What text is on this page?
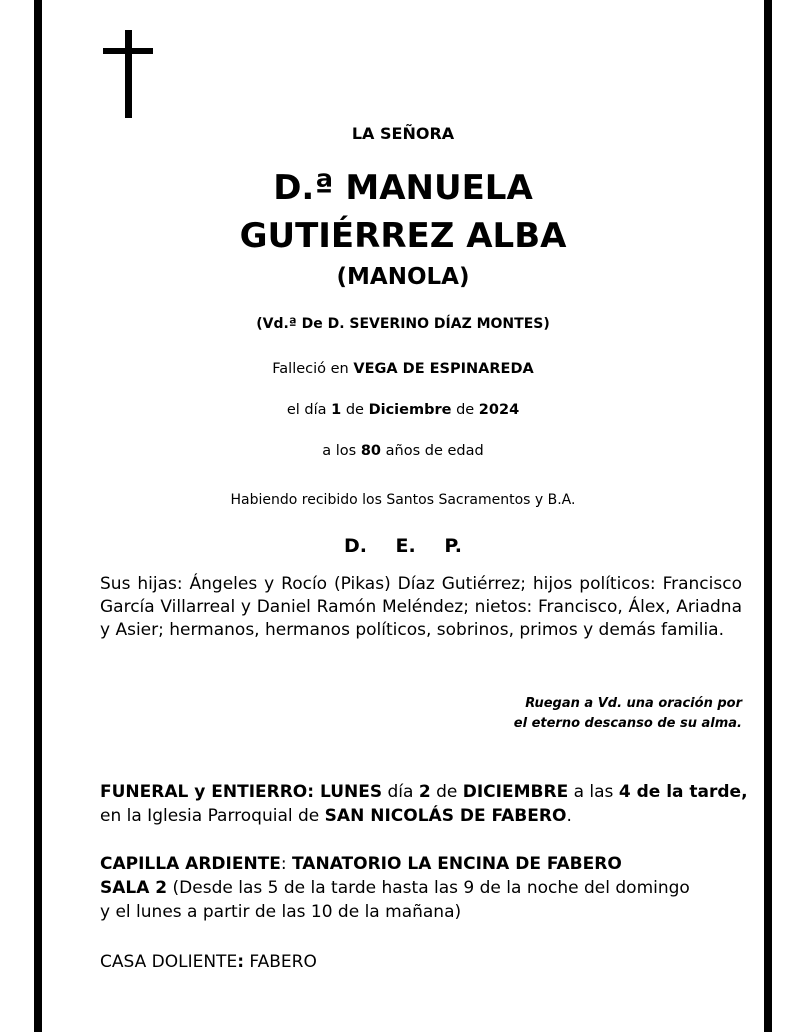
LA SEÑORA
D.ª MANUELA
GUTIÉRREZ ALBA
(MANOLA)
(Vd.ª De D. SEVERINO DÍAZ MONTES)
Falleció en VEGA DE ESPINAREDA
el día 1 de Diciembre de 2024
a los 80 años de edad
Habiendo recibido los Santos Sacramentos y B.A.
D. E. P.
Sus hijas: Ángeles y Rocío (Pikas) Díaz Gutiérrez; hijos políticos: Francisco García Villarreal y Daniel Ramón Meléndez; nietos: Francisco, Álex, Ariadna y Asier; hermanos, hermanos políticos, sobrinos, primos y demás familia.
Ruegan a Vd. una oración por
el eterno descanso de su alma.
FUNERAL y ENTIERRO: LUNES día 2 de DICIEMBRE a las 4 de la tarde,
en la Iglesia Parroquial de SAN NICOLÁS DE FABERO.
CAPILLA ARDIENTE: TANATORIO LA ENCINA DE FABERO
SALA 2 (Desde las 5 de la tarde hasta las 9 de la noche del domingo
y el lunes a partir de las 10 de la mañana)
CASA DOLIENTE: FABERO
